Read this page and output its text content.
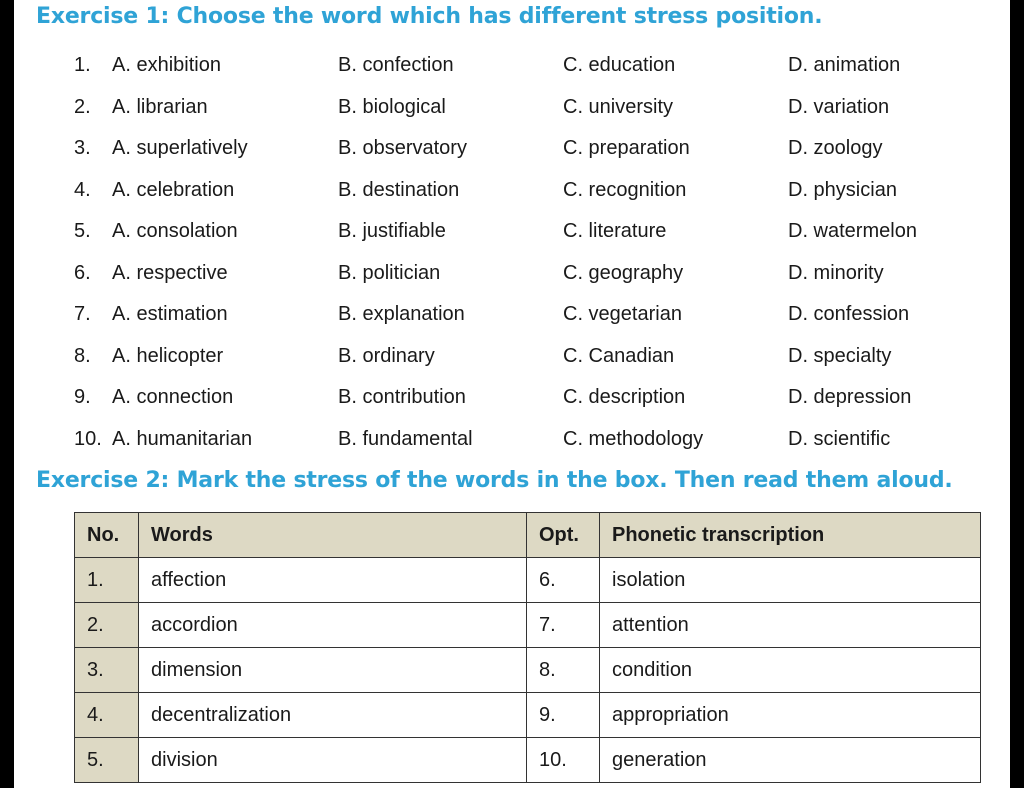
Exercise 1: Choose the word which has different stress position.
1. A. exhibition	B. confection	C. education	D. animation
2. A. librarian	B. biological	C. university	D. variation
3. A. superlatively	B. observatory	C. preparation	D. zoology
4. A. celebration	B. destination	C. recognition	D. physician
5. A. consolation	B. justifiable	C. literature	D. watermelon
6. A. respective	B. politician	C. geography	D. minority
7. A. estimation	B. explanation	C. vegetarian	D. confession
8. A. helicopter	B. ordinary	C. Canadian	D. specialty
9. A. connection	B. contribution	C. description	D. depression
10. A. humanitarian	B. fundamental	C. methodology	D. scientific
Exercise 2: Mark the stress of the words in the box. Then read them aloud.
No.	Words	Opt.	Phonetic transcription
1.	affection	6.	isolation
2.	accordion	7.	attention
3.	dimension	8.	condition
4.	decentralization	9.	appropriation
5.	division	10.	generation
